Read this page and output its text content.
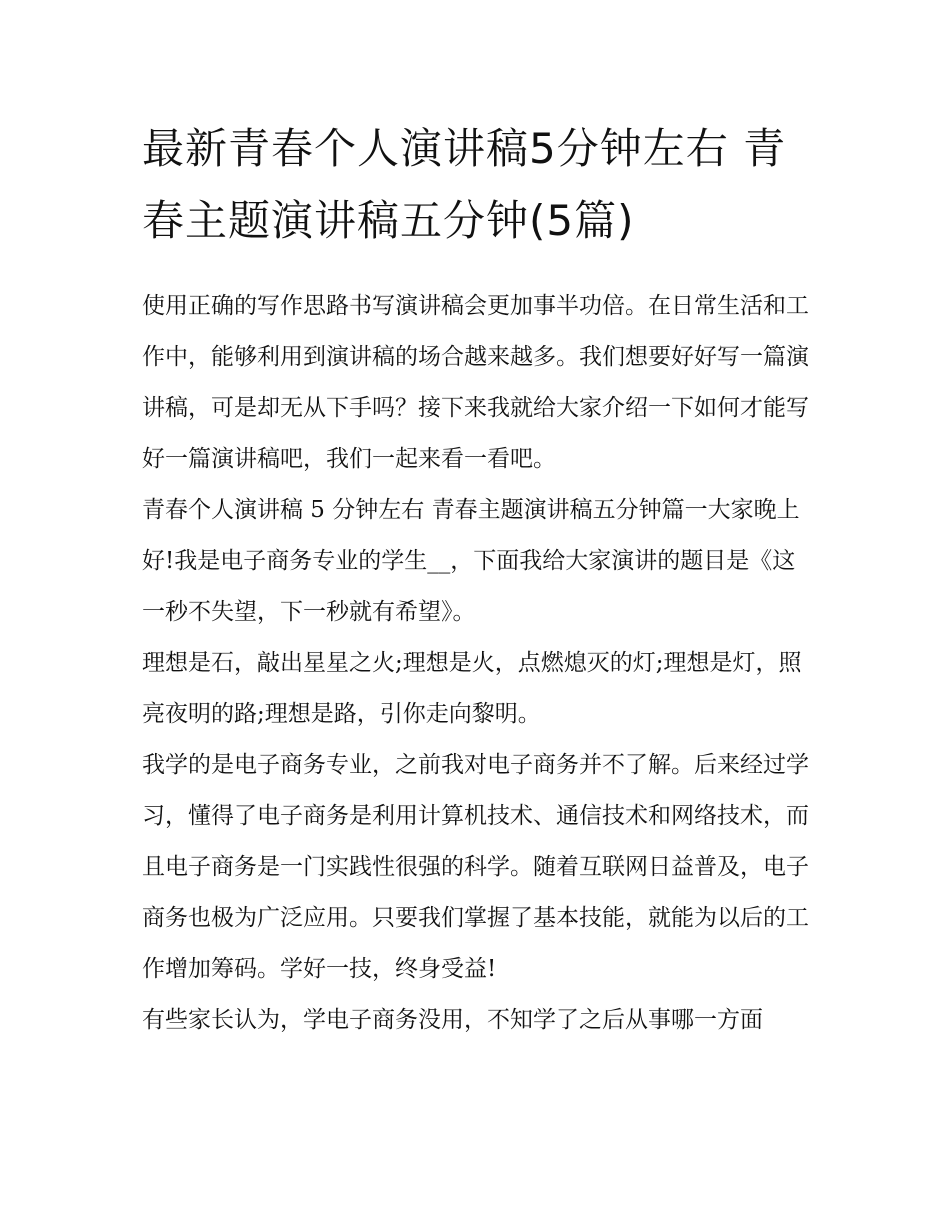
最新青春个人演讲稿5分钟左右 青春主题演讲稿五分钟(5篇)

使用正确的写作思路书写演讲稿会更加事半功倍。在日常生活和工作中，能够利用到演讲稿的场合越来越多。我们想要好好写一篇演讲稿，可是却无从下手吗？接下来我就给大家介绍一下如何才能写好一篇演讲稿吧，我们一起来看一看吧。

青春个人演讲稿 5 分钟左右 青春主题演讲稿五分钟篇一大家晚上好!我是电子商务专业的学生__，下面我给大家演讲的题目是《这一秒不失望，下一秒就有希望》。

理想是石，敲出星星之火;理想是火，点燃熄灭的灯;理想是灯，照亮夜明的路;理想是路，引你走向黎明。

我学的是电子商务专业，之前我对电子商务并不了解。后来经过学习，懂得了电子商务是利用计算机技术、通信技术和网络技术，而且电子商务是一门实践性很强的科学。随着互联网日益普及，电子商务也极为广泛应用。只要我们掌握了基本技能，就能为以后的工作增加筹码。学好一技，终身受益!

有些家长认为，学电子商务没用，不知学了之后从事哪一方面
